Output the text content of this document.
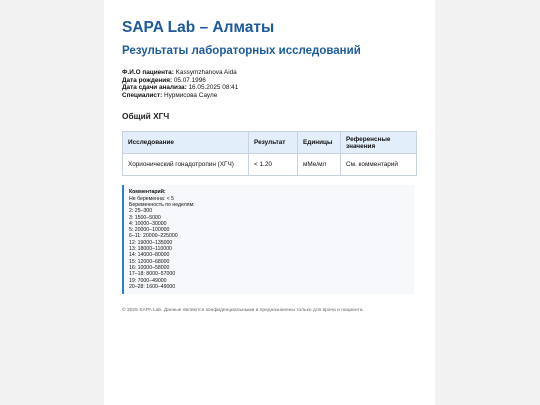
SAPA Lab – Алматы
Результаты лабораторных исследований
Ф.И.О пациента: Kassymzhanova Aida
Дата рождения: 05.07.1996
Дата сдачи анализа: 16.05.2025 08:41
Специалист: Нурмисова Сауле
Общий ХГЧ
Исследование	Результат	Единицы	Референсные значения
Хорионический гонадотропин (ХГЧ)	< 1.20	мМе/мл	См. комментарий
Комментарий:
Не беременна: < 5
Беременность по неделям:
2: 25–300
3: 1500–5000
4: 10000–30000
5: 20000–100000
6–11: 20000–225000
12: 19000–135000
13: 18000–110000
14: 14000–80000
15: 12000–68000
16: 10000–58000
17–18: 8000–57000
19: 7000–49000
20–28: 1600–49000
© 2025 SAPA Lab. Данные являются конфиденциальными и предназначены только для врача и пациента.
